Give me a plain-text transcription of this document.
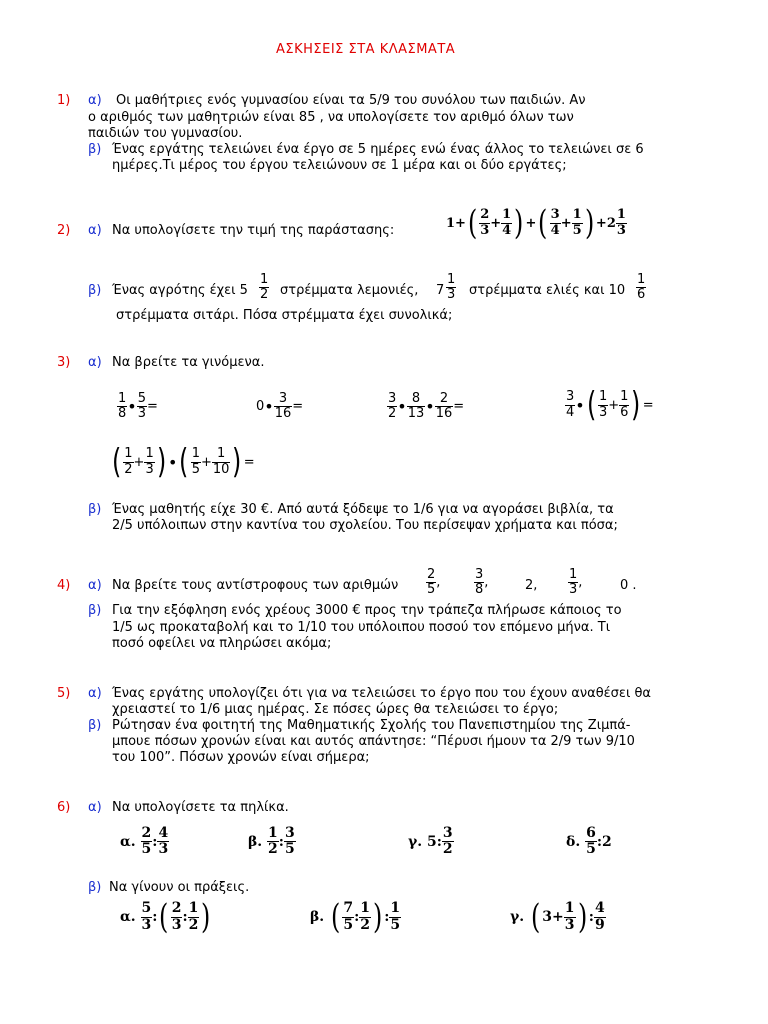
ΑΣΚΗΣΕΙΣ ΣΤΑ ΚΛΑΣΜΑΤΑ
1) α) Οι μαθήτριες ενός γυμνασίου είναι τα 5/9 του συνόλου των παιδιών. Αν
ο αριθμός των μαθητριών είναι 85 , να υπολογίσετε τον αριθμό όλων των
παιδιών του γυμνασίου.
β) Ένας εργάτης τελειώνει ένα έργο σε 5 ημέρες ενώ ένας άλλος το τελειώνει σε 6
ημέρες.Τι μέρος του έργου τελειώνουν σε 1 μέρα και οι δύο εργάτες;
2) α) Να υπολογίσετε την τιμή της παράστασης:	$1+( \frac{2}{3} + \frac{1}{4}$ ) +( $\frac{3}{4} + \frac{1}{5}$ ) $+2 \frac{1}{3}$
β) Ένας αγρότης έχει $5 \frac{1}{2}$ στρέμματα λεμονιές, $7 \frac{1}{3}$ στρέμματα ελιές και $10 \frac{1}{6}$
στρέμματα σιτάρι. Πόσα στρέμματα έχει συνολικά;
3) α) Να βρείτε τα γινόμενα.
$\frac{1}{8}$ • $\frac{5}{3}$ =	0• $\frac{3}{16}$ =	$\frac{3}{2}$ • $\frac{8}{13}$ • $\frac{2}{16}$ =	$\frac{3}{4}$ •( $\frac{1}{3} + \frac{1}{6}$ ) =
( $\frac{1}{2} + \frac{1}{3}$ ) •( $\frac{1}{5} + \frac{1}{10}$ ) =
β) Ένας μαθητής είχε 30 €. Από αυτά ξόδεψε το 1/6 για να αγοράσει βιβλία, τα
2/5 υπόλοιπων στην καντίνα του σχολείου. Του περίσεψαν χρήματα και πόσα;
4) α) Να βρείτε τους αντίστροφους των αριθμών $\frac{2}{5}$ ,	$\frac{3}{8}$ ,	2, $\frac{1}{3}$ ,	0 .
β) Για την εξόφληση ενός χρέους 3000 € προς την τράπεζα πλήρωσε κάποιος το
1/5 ως προκαταβολή και το 1/10 του υπόλοιπου ποσού τον επόμενο μήνα. Τι
ποσό οφείλει να πληρώσει ακόμα;
5) α) Ένας εργάτης υπολογίζει ότι για να τελειώσει το έργο που του έχουν αναθέσει θα
χρειαστεί το 1/6 μιας ημέρας. Σε πόσες ώρες θα τελειώσει το έργο;
β) Ρώτησαν ένα φοιτητή της Μαθηματικής Σχολής του Πανεπιστημίου της Ζιμπά-
μπουε πόσων χρονών είναι και αυτός απάντησε: “Πέρυσι ήμουν τα 2/9 των 9/10
του 100”. Πόσων χρονών είναι σήμερα;
6) α) Να υπολογίσετε τα πηλίκα.
α. $\frac{2}{5}$ : $\frac{4}{3}$	β. $\frac{1}{2}$ : $\frac{3}{5}$	γ. 5: $\frac{3}{2}$	δ. $\frac{6}{5}$ :2
β) Να γίνουν οι πράξεις.
α. $\frac{5}{3}$ :( $\frac{2}{3}$ : $\frac{1}{2}$ )	β. ( $\frac{7}{5}$ : $\frac{1}{2}$ ) : $\frac{1}{5}$	γ. ( $3+ \frac{1}{3}$ ) : $\frac{4}{9}$
